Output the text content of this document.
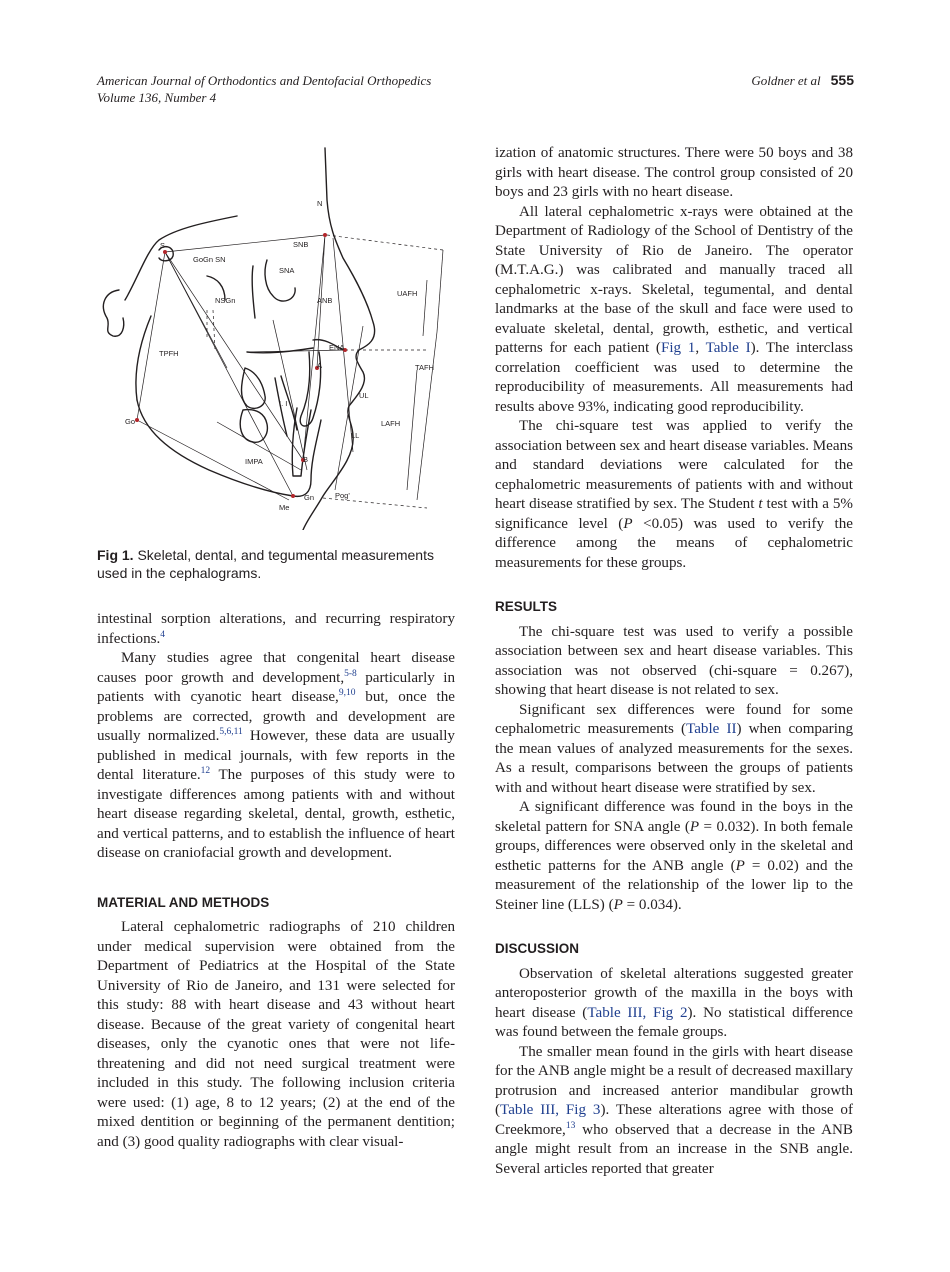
American Journal of Orthodontics and Dentofacial Orthopedics
Volume 136, Number 4
Goldner et al 555
S
GoGn SN
SNB
N
SNA
NSGn	ANB
UAFH
TPFH
ENA
A	TAFH
I. I
UL
Go
LL
LAFH
IMPA	B
Gn	Pog'
Me
Fig 1. Skeletal, dental, and tegumental measurements used in the cephalograms.

intestinal sorption alterations, and recurring respiratory infections.$^4$

Many studies agree that congenital heart disease causes poor growth and development,$^{5-8}$ particularly in patients with cyanotic heart disease,$^{9,10}$ but, once the problems are corrected, growth and development are usually normalized.$^{5,6,11}$ However, these data are usually published in medical journals, with few reports in the dental literature.$^{12}$ The purposes of this study were to investigate differences among patients with and without heart disease regarding skeletal, dental, growth, esthetic, and vertical patterns, and to establish the influence of heart disease on craniofacial growth and development.

MATERIAL AND METHODS

Lateral cephalometric radiographs of 210 children under medical supervision were obtained from the Department of Pediatrics at the Hospital of the State University of Rio de Janeiro, and 131 were selected for this study: 88 with heart disease and 43 without heart disease. Because of the great variety of congenital heart diseases, only the cyanotic ones that were not life-threatening and did not need surgical treatment were included in this study. The following inclusion criteria were used: (1) age, 8 to 12 years; (2) at the end of the mixed dentition or beginning of the permanent dentition; and (3) good quality radiographs with clear visual-

ization of anatomic structures. There were 50 boys and 38 girls with heart disease. The control group consisted of 20 boys and 23 girls with no heart disease.

All lateral cephalometric x-rays were obtained at the Department of Radiology of the School of Dentistry of the State University of Rio de Janeiro. The operator (M.T.A.G.) was calibrated and manually traced all cephalometric x-rays. Skeletal, tegumental, and dental landmarks at the base of the skull and face were used to evaluate skeletal, dental, growth, esthetic, and vertical patterns for each patient (Fig 1, Table I). The interclass correlation coefficient was used to determine the reproducibility of measurements. All measurements had results above 93%, indicating good reproducibility.

The chi-square test was applied to verify the association between sex and heart disease variables. Means and standard deviations were calculated for the cephalometric measurements of patients with and without heart disease stratified by sex. The Student t test with a 5% significance level (P <0.05) was used to verify the difference among the means of cephalometric measurements for these groups.

RESULTS

The chi-square test was used to verify a possible association between sex and heart disease variables. This association was not observed (chi-square = 0.267), showing that heart disease is not related to sex.

Significant sex differences were found for some cephalometric measurements (Table II) when comparing the mean values of analyzed measurements for the sexes. As a result, comparisons between the groups of patients with and without heart disease were stratified by sex.

A significant difference was found in the boys in the skeletal pattern for SNA angle (P = 0.032). In both female groups, differences were observed only in the skeletal and esthetic patterns for the ANB angle (P = 0.02) and the measurement of the relationship of the lower lip to the Steiner line (LLS) (P = 0.034).

DISCUSSION

Observation of skeletal alterations suggested greater anteroposterior growth of the maxilla in the boys with heart disease (Table III, Fig 2). No statistical difference was found between the female groups.

The smaller mean found in the girls with heart disease for the ANB angle might be a result of decreased maxillary protrusion and increased anterior mandibular growth (Table III, Fig 3). These alterations agree with those of Creekmore,$^{13}$ who observed that a decrease in the ANB angle might result from an increase in the SNB angle. Several articles reported that greater
